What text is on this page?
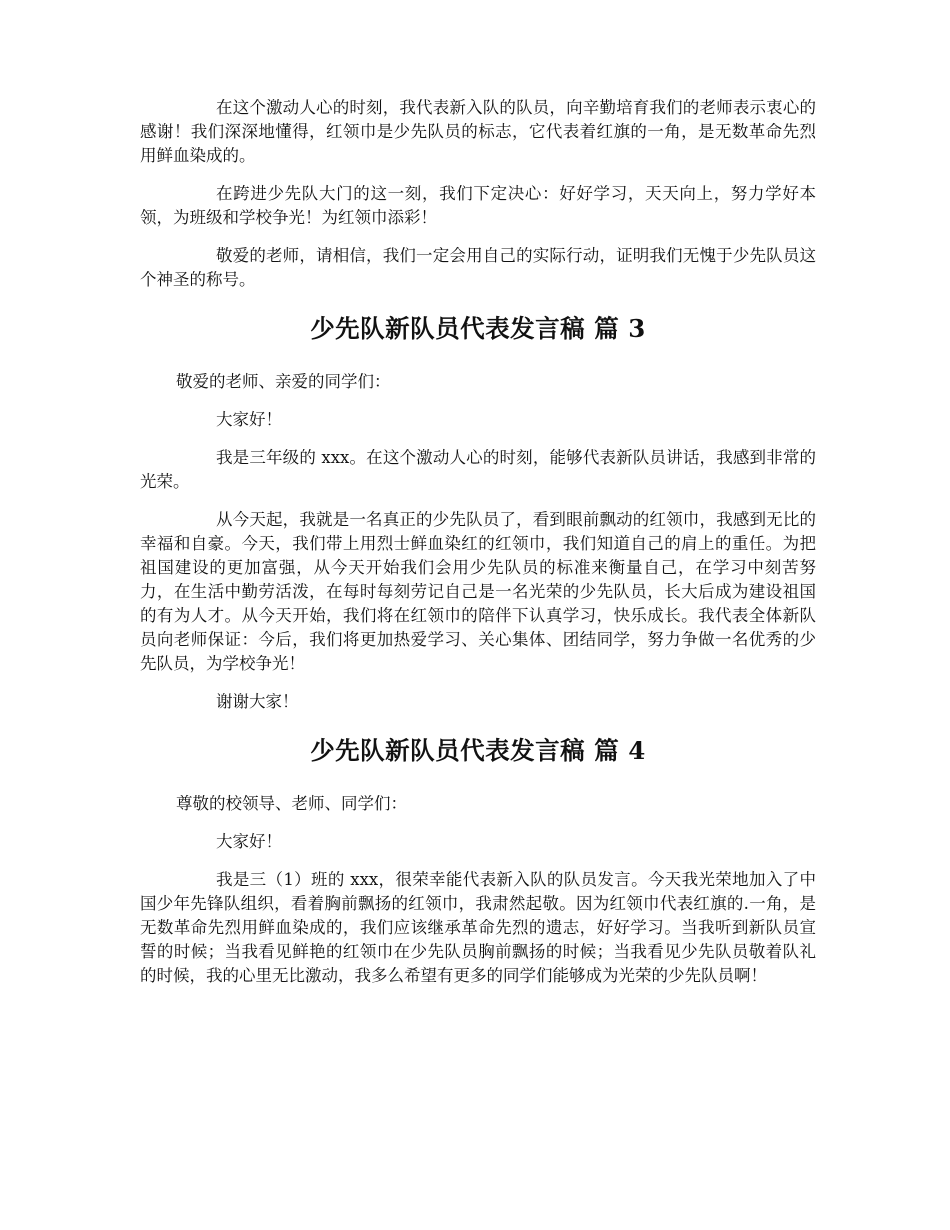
在这个激动人心的时刻，我代表新入队的队员，向辛勤培育我们的老师表示衷心的感谢！我们深深地懂得，红领巾是少先队员的标志，它代表着红旗的一角，是无数革命先烈用鲜血染成的。

在跨进少先队大门的这一刻，我们下定决心：好好学习，天天向上，努力学好本领，为班级和学校争光！为红领巾添彩！

敬爱的老师，请相信，我们一定会用自己的实际行动，证明我们无愧于少先队员这个神圣的称号。

少先队新队员代表发言稿 篇 3

敬爱的老师、亲爱的同学们：

大家好！

我是三年级的 xxx。在这个激动人心的时刻，能够代表新队员讲话，我感到非常的光荣。

从今天起，我就是一名真正的少先队员了，看到眼前飘动的红领巾，我感到无比的幸福和自豪。今天，我们带上用烈士鲜血染红的红领巾，我们知道自己的肩上的重任。为把祖国建设的更加富强，从今天开始我们会用少先队员的标准来衡量自己，在学习中刻苦努力，在生活中勤劳活泼，在每时每刻劳记自己是一名光荣的少先队员，长大后成为建设祖国的有为人才。从今天开始，我们将在红领巾的陪伴下认真学习，快乐成长。我代表全体新队员向老师保证：今后，我们将更加热爱学习、关心集体、团结同学，努力争做一名优秀的少先队员，为学校争光！

谢谢大家！

少先队新队员代表发言稿 篇 4

尊敬的校领导、老师、同学们：

大家好！

我是三（1）班的 xxx，很荣幸能代表新入队的队员发言。今天我光荣地加入了中国少年先锋队组织，看着胸前飘扬的红领巾，我肃然起敬。因为红领巾代表红旗的.一角，是无数革命先烈用鲜血染成的，我们应该继承革命先烈的遗志，好好学习。当我听到新队员宣誓的时候；当我看见鲜艳的红领巾在少先队员胸前飘扬的时候；当我看见少先队员敬着队礼的时候，我的心里无比激动，我多么希望有更多的同学们能够成为光荣的少先队员啊！
